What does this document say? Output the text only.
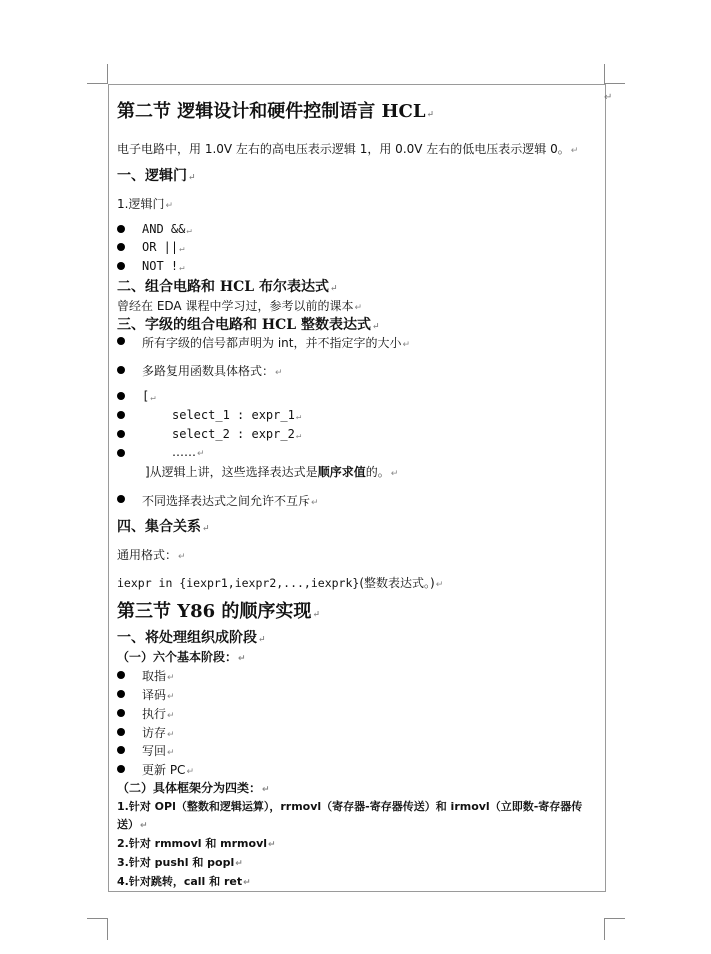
↵
第二节 逻辑设计和硬件控制语言 HCL↵
电子电路中，用 1.0V 左右的高电压表示逻辑 1，用 0.0V 左右的低电压表示逻辑 0。↵
一、逻辑门↵
1.逻辑门↵
AND &&↵
OR ||↵
NOT !↵
二、组合电路和 HCL 布尔表达式↵
曾经在 EDA 课程中学习过，参考以前的课本↵
三、字级的组合电路和 HCL 整数表达式↵
所有字级的信号都声明为 int，并不指定字的大小↵
多路复用函数具体格式：↵
[↵
select_1 : expr_1↵
select_2 : expr_2↵
……↵
]从逻辑上讲，这些选择表达式是顺序求值的。↵
不同选择表达式之间允许不互斥↵
四、集合关系↵
通用格式：↵
iexpr in {iexpr1,iexpr2,...,iexprk}(整数表达式。)↵
第三节 Y86 的顺序实现↵
一、将处理组织成阶段↵
（一）六个基本阶段：↵
取指↵
译码↵
执行↵
访存↵
写回↵
更新 PC↵
（二）具体框架分为四类：↵
1.针对 OPl（整数和逻辑运算），rrmovl（寄存器-寄存器传送）和 irmovl（立即数-寄存器传
送）↵
2.针对 rmmovl 和 mrmovl↵
3.针对 pushl 和 popl↵
4.针对跳转，call 和 ret↵
